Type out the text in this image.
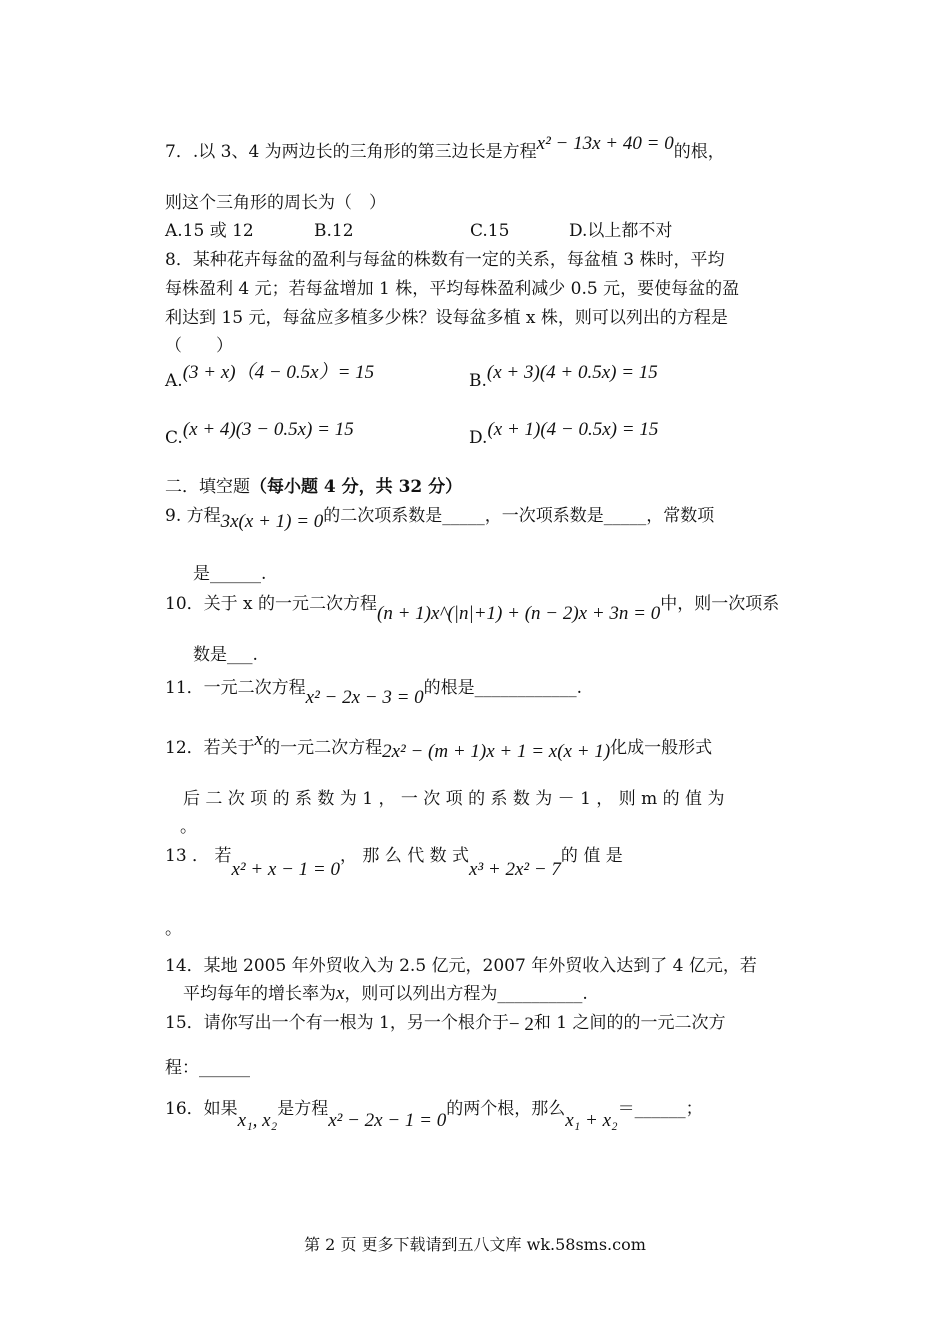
7．.以 3、4 为两边长的三角形的第三边长是方程x² − 13x + 40 = 0的根，
则这个三角形的周长为（　）
A.15 或 12	B.12	C.15	D.以上都不对
8．某种花卉每盆的盈利与每盆的株数有一定的关系，每盆植 3 株时，平均
每株盈利 4 元；若每盆增加 1 株，平均每株盈利减少 0.5 元，要使每盆的盈
利达到 15 元，每盆应多植多少株？设每盆多植 x 株，则可以列出的方程是
（　　）
A.(3 + x)（4 − 0.5x）= 15	B.(x + 3)(4 + 0.5x) = 15
C.(x + 4)(3 − 0.5x) = 15	D.(x + 1)(4 − 0.5x) = 15
二．填空题（每小题 4 分，共 32 分）
9. 方程3x(x + 1) = 0的二次项系数是_____，一次项系数是_____，常数项
是______.
10．关于 x 的一元二次方程(n + 1)x^(|n|+1) + (n − 2)x + 3n = 0中，则一次项系
数是___.
11．一元二次方程x² − 2x − 3 = 0的根是____________.
12．若关于x的一元二次方程2x² − (m + 1)x + 1 = x(x + 1)化成一般形式
后 二 次 项 的 系 数 为 1 ， 一 次 项 的 系 数 为 － 1 ， 则 m 的 值 为
。
13 ． 若x² + x − 1 = 0， 那 么 代 数 式x³ + 2x² − 7的 值 是
。
14．某地 2005 年外贸收入为 2.5 亿元，2007 年外贸收入达到了 4 亿元，若
平均每年的增长率为x，则可以列出方程为__________.
15．请你写出一个有一根为 1，另一个根介于− 2和 1 之间的的一元二次方
程：______
16．如果x₁, x₂是方程x² − 2x − 1 = 0的两个根，那么x₁ + x₂＝______；
第 2 页 更多下载请到五八文库 wk.58sms.com
